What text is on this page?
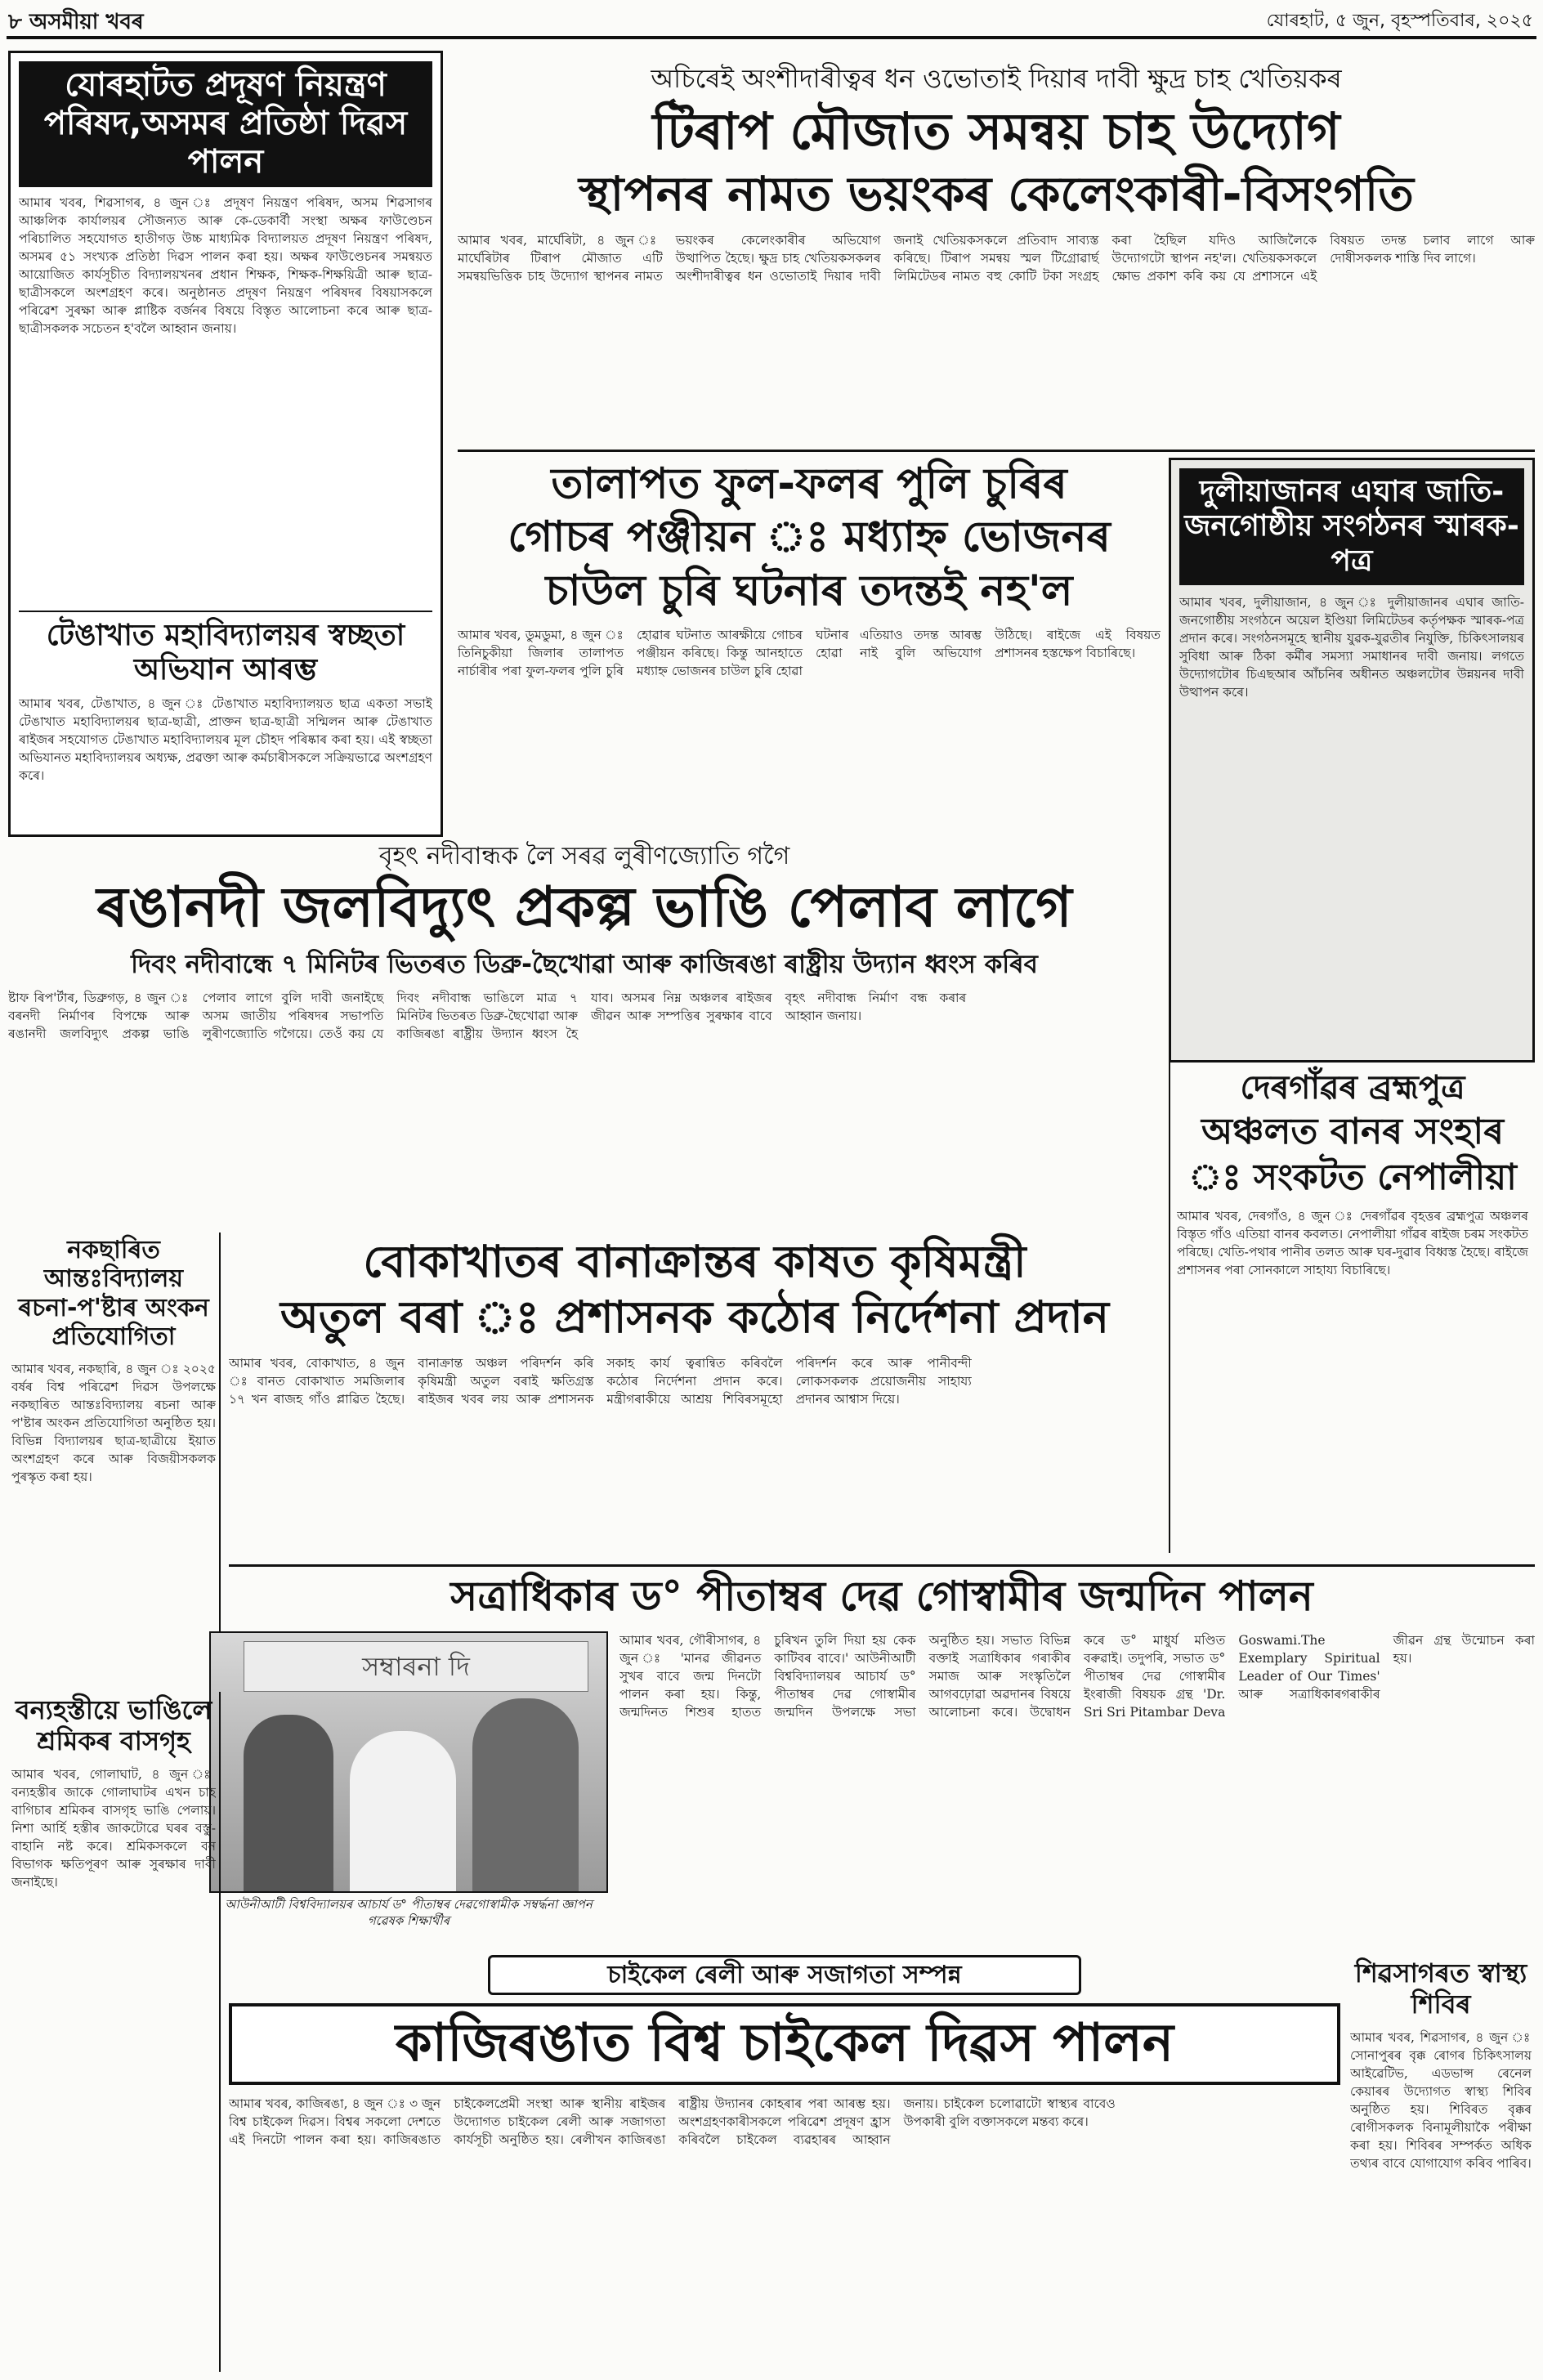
৮ অসমীয়া খবৰ	যোৰহাট, ৫ জুন, বৃহস্পতিবাৰ, ২০২৫
যোৰহাটত প্ৰদূষণ নিয়ন্ত্ৰণ পৰিষদ,অসমৰ প্ৰতিষ্ঠা দিৱস পালন
আমাৰ খবৰ, শিৱসাগৰ, ৪ জুন ঃ প্ৰদূষণ নিয়ন্ত্ৰণ পৰিষদ, অসম শিৱসাগৰ আঞ্চলিক কাৰ্যালয়ৰ সৌজন্যত আৰু কে-ডেকাৰ্বী সংস্থা অক্ষৰ ফাউণ্ডেচন পৰিচালিত সহযোগত হাতীগড় উচ্চ মাধ্যমিক বিদ্যালয়ত প্ৰদূষণ নিয়ন্ত্ৰণ পৰিষদ, অসমৰ ৫১ সংখ্যক প্ৰতিষ্ঠা দিৱস পালন কৰা হয়। অক্ষৰ ফাউণ্ডেচনৰ সমন্বয়ত আয়োজিত কাৰ্যসূচীত বিদ্যালয়খনৰ প্ৰধান শিক্ষক, শিক্ষক-শিক্ষয়িত্ৰী আৰু ছাত্ৰ-ছাত্ৰীসকলে অংশগ্ৰহণ কৰে। অনুষ্ঠানত প্ৰদূষণ নিয়ন্ত্ৰণ পৰিষদৰ বিষয়াসকলে পৰিৱেশ সুৰক্ষা আৰু প্লাষ্টিক বৰ্জনৰ বিষয়ে বিস্তৃত আলোচনা কৰে আৰু ছাত্ৰ-ছাত্ৰীসকলক সচেতন হ'বলৈ আহ্বান জনায়।
টেঙাখাত মহাবিদ্যালয়ৰ স্বচ্ছতা অভিযান আৰম্ভ
আমাৰ খবৰ, টেঙাখাত, ৪ জুন ঃ টেঙাখাত মহাবিদ্যালয়ত ছাত্ৰ একতা সভাই টেঙাখাত মহাবিদ্যালয়ৰ ছাত্ৰ-ছাত্ৰী, প্ৰাক্তন ছাত্ৰ-ছাত্ৰী সন্মিলন আৰু টেঙাখাত ৰাইজৰ সহযোগত টেঙাখাত মহাবিদ্যালয়ৰ মূল চৌহদ পৰিষ্কাৰ কৰা হয়। এই স্বচ্ছতা অভিযানত মহাবিদ্যালয়ৰ অধ্যক্ষ, প্ৰৱক্তা আৰু কৰ্মচাৰীসকলে সক্ৰিয়ভাৱে অংশগ্ৰহণ কৰে।
অচিৰেই অংশীদাৰীত্বৰ ধন ওভোতাই দিয়াৰ দাবী ক্ষুদ্ৰ চাহ খেতিয়কৰ
টিৰাপ মৌজাত সমন্বয় চাহ উদ্যোগ
স্থাপনৰ নামত ভয়ংকৰ কেলেংকাৰী-বিসংগতি
আমাৰ খবৰ, মাৰ্ঘেৰিটা, ৪ জুন ঃ মাৰ্ঘেৰিটাৰ টিৰাপ মৌজাত এটি সমন্বয়ভিত্তিক চাহ উদ্যোগ স্থাপনৰ নামত ভয়ংকৰ কেলেংকাৰীৰ অভিযোগ উত্থাপিত হৈছে। ক্ষুদ্ৰ চাহ খেতিয়কসকলৰ অংশীদাৰীত্বৰ ধন ওভোতাই দিয়াৰ দাবী জনাই খেতিয়কসকলে প্ৰতিবাদ সাব্যস্ত কৰিছে। টিৰাপ সমন্বয় স্মল টিগ্ৰোৱাৰ্ছ লিমিটেডৰ নামত বহু কোটি টকা সংগ্ৰহ কৰা হৈছিল যদিও আজিলৈকে উদ্যোগটো স্থাপন নহ'ল। খেতিয়কসকলে ক্ষোভ প্ৰকাশ কৰি কয় যে প্ৰশাসনে এই বিষয়ত তদন্ত চলাব লাগে আৰু দোষীসকলক শাস্তি দিব লাগে।
তালাপত ফুল-ফলৰ পুলি চুৰিৰ
গোচৰ পঞ্জীয়ন ঃ মধ্যাহ্ন ভোজনৰ
চাউল চুৰি ঘটনাৰ তদন্তই নহ'ল
আমাৰ খবৰ, ডুমডুমা, ৪ জুন ঃ তিনিচুকীয়া জিলাৰ তালাপত নাৰ্চাৰীৰ পৰা ফুল-ফলৰ পুলি চুৰি হোৱাৰ ঘটনাত আৰক্ষীয়ে গোচৰ পঞ্জীয়ন কৰিছে। কিন্তু আনহাতে মধ্যাহ্ন ভোজনৰ চাউল চুৰি হোৱা ঘটনাৰ এতিয়াও তদন্ত আৰম্ভ হোৱা নাই বুলি অভিযোগ উঠিছে। ৰাইজে এই বিষয়ত প্ৰশাসনৰ হস্তক্ষেপ বিচাৰিছে।
দুলীয়াজানৰ এঘাৰ জাতি-জনগোষ্ঠীয় সংগঠনৰ স্মাৰক-পত্ৰ
আমাৰ খবৰ, দুলীয়াজান, ৪ জুন ঃ দুলীয়াজানৰ এঘাৰ জাতি-জনগোষ্ঠীয় সংগঠনে অয়েল ইণ্ডিয়া লিমিটেডৰ কৰ্তৃপক্ষক স্মাৰক-পত্ৰ প্ৰদান কৰে। সংগঠনসমূহে স্থানীয় যুৱক-যুৱতীৰ নিযুক্তি, চিকিৎসালয়ৰ সুবিধা আৰু ঠিকা কৰ্মীৰ সমস্যা সমাধানৰ দাবী জনায়। লগতে উদ্যোগটোৰ চিএছআৰ আঁচনিৰ অধীনত অঞ্চলটোৰ উন্নয়নৰ দাবী উত্থাপন কৰে।
বৃহৎ নদীবান্ধক লৈ সৰৱ লুৰীণজ্যোতি গগৈ
ৰঙানদী জলবিদ্যুৎ প্ৰকল্প ভাঙি পেলাব লাগে
দিবং নদীবান্ধে ৭ মিনিটৰ ভিতৰত ডিব্ৰু-ছৈখোৱা আৰু কাজিৰঙা ৰাষ্ট্ৰীয় উদ্যান ধ্বংস কৰিব
ষ্টাফ ৰিপ'ৰ্টাৰ, ডিব্ৰুগড়, ৪ জুন ঃ বৰনদী নিৰ্মাণৰ বিপক্ষে আৰু ৰঙানদী জলবিদ্যুৎ প্ৰকল্প ভাঙি পেলাব লাগে বুলি দাবী জনাইছে অসম জাতীয় পৰিষদৰ সভাপতি লুৰীণজ্যোতি গগৈয়ে। তেওঁ কয় যে দিবং নদীবান্ধ ভাঙিলে মাত্ৰ ৭ মিনিটৰ ভিতৰত ডিব্ৰু-ছৈখোৱা আৰু কাজিৰঙা ৰাষ্ট্ৰীয় উদ্যান ধ্বংস হৈ যাব। অসমৰ নিম্ন অঞ্চলৰ ৰাইজৰ জীৱন আৰু সম্পত্তিৰ সুৰক্ষাৰ বাবে বৃহৎ নদীবান্ধ নিৰ্মাণ বন্ধ কৰাৰ আহ্বান জনায়।
দেৰগাঁৱৰ ব্ৰহ্মপুত্ৰ
অঞ্চলত বানৰ সংহাৰ
ঃ সংকটত নেপালীয়া
আমাৰ খবৰ, দেৰগাঁও, ৪ জুন ঃ দেৰগাঁৱৰ বৃহত্তৰ ব্ৰহ্মপুত্ৰ অঞ্চলৰ বিস্তৃত গাঁও এতিয়া বানৰ কবলত। নেপালীয়া গাঁৱৰ ৰাইজ চৰম সংকটত পৰিছে। খেতি-পথাৰ পানীৰ তলত আৰু ঘৰ-দুৱাৰ বিধ্বস্ত হৈছে। ৰাইজে প্ৰশাসনৰ পৰা সোনকালে সাহায্য বিচাৰিছে।
নকছাৰিত আন্তঃবিদ্যালয় ৰচনা-প'ষ্টাৰ অংকন প্ৰতিযোগিতা
আমাৰ খবৰ, নকছাৰি, ৪ জুন ঃ ২০২৫ বৰ্ষৰ বিশ্ব পৰিৱেশ দিৱস উপলক্ষে নকছাৰিত আন্তঃবিদ্যালয় ৰচনা আৰু প'ষ্টাৰ অংকন প্ৰতিযোগিতা অনুষ্ঠিত হয়। বিভিন্ন বিদ্যালয়ৰ ছাত্ৰ-ছাত্ৰীয়ে ইয়াত অংশগ্ৰহণ কৰে আৰু বিজয়ীসকলক পুৰস্কৃত কৰা হয়।
বোকাখাতৰ বানাক্ৰান্তৰ কাষত কৃষিমন্ত্ৰী
অতুল বৰা ঃ প্ৰশাসনক কঠোৰ নিৰ্দেশনা প্ৰদান
আমাৰ খবৰ, বোকাখাত, ৪ জুন ঃ বানত বোকাখাত সমজিলাৰ ১৭ খন ৰাজহ গাঁও প্লাৱিত হৈছে। বানাক্ৰান্ত অঞ্চল পৰিদৰ্শন কৰি কৃষিমন্ত্ৰী অতুল বৰাই ক্ষতিগ্ৰস্ত ৰাইজৰ খবৰ লয় আৰু প্ৰশাসনক সকাহ কাৰ্য ত্বৰান্বিত কৰিবলৈ কঠোৰ নিৰ্দেশনা প্ৰদান কৰে। মন্ত্ৰীগৰাকীয়ে আশ্ৰয় শিবিৰসমূহো পৰিদৰ্শন কৰে আৰু পানীবন্দী লোকসকলক প্ৰয়োজনীয় সাহায্য প্ৰদানৰ আশ্বাস দিয়ে।
সত্ৰাধিকাৰ ড° পীতাম্বৰ দেৱ গোস্বামীৰ জন্মদিন পালন
সম্বাৰনা দি
আউনীআটী বিশ্ববিদ্যালয়ৰ আচাৰ্য ড° পীতাম্বৰ দেৱগোস্বামীক সম্বৰ্দ্ধনা জ্ঞাপন গৱেষক শিক্ষাৰ্থীৰ
আমাৰ খবৰ, গৌৰীসাগৰ, ৪ জুন ঃ 'মানৱ জীৱনত সুখৰ বাবে জন্ম দিনটো পালন কৰা হয়। কিন্তু, জন্মদিনত শিশুৰ হাতত চুৰিখন তুলি দিয়া হয় কেক কাটিবৰ বাবে।' আউনীআটী বিশ্ববিদ্যালয়ৰ আচাৰ্য ড° পীতাম্বৰ দেৱ গোস্বামীৰ জন্মদিন উপলক্ষে সভা অনুষ্ঠিত হয়। সভাত বিভিন্ন বক্তাই সত্ৰাধিকাৰ গৰাকীৰ সমাজ আৰু সংস্কৃতিলৈ আগবঢ়োৱা অৱদানৰ বিষয়ে আলোচনা কৰে। উদ্বোধন কৰে ড° মাধুৰ্য মণ্ডিত বৰুৱাই। তদুপৰি, সভাত ড° পীতাম্বৰ দেৱ গোস্বামীৰ ইংৰাজী বিষয়ক গ্ৰন্থ 'Dr. Sri Sri Pitambar Deva Goswami.The Exemplary Spiritual Leader of Our Times' আৰু সত্ৰাধিকাৰগৰাকীৰ জীৱন গ্ৰন্থ উন্মোচন কৰা হয়।
বন্যহস্তীয়ে ভাঙিলে শ্ৰমিকৰ বাসগৃহ
আমাৰ খবৰ, গোলাঘাট, ৪ জুন ঃ বন্যহস্তীৰ জাকে গোলাঘাটৰ এখন চাহ বাগিচাৰ শ্ৰমিকৰ বাসগৃহ ভাঙি পেলায়। নিশা আৰ্হি হস্তীৰ জাকটোৱে ঘৰৰ বস্তু-বাহানি নষ্ট কৰে। শ্ৰমিকসকলে বন বিভাগক ক্ষতিপূৰণ আৰু সুৰক্ষাৰ দাবী জনাইছে।
চাইকেল ৰেলী আৰু সজাগতা সম্পন্ন
কাজিৰঙাত বিশ্ব চাইকেল দিৱস পালন
আমাৰ খবৰ, কাজিৰঙা, ৪ জুন ঃ ৩ জুন বিশ্ব চাইকেল দিৱস। বিশ্বৰ সকলো দেশতে এই দিনটো পালন কৰা হয়। কাজিৰঙাত চাইকেলপ্ৰেমী সংস্থা আৰু স্থানীয় ৰাইজৰ উদ্যোগত চাইকেল ৰেলী আৰু সজাগতা কাৰ্যসূচী অনুষ্ঠিত হয়। ৰেলীখন কাজিৰঙা ৰাষ্ট্ৰীয় উদ্যানৰ কোহৰাৰ পৰা আৰম্ভ হয়। অংশগ্ৰহণকাৰীসকলে পৰিৱেশ প্ৰদূষণ হ্ৰাস কৰিবলৈ চাইকেল ব্যৱহাৰৰ আহ্বান জনায়। চাইকেল চলোৱাটো স্বাস্থ্যৰ বাবেও উপকাৰী বুলি বক্তাসকলে মন্তব্য কৰে।
শিৱসাগৰত স্বাস্থ্য শিবিৰ
আমাৰ খবৰ, শিৱসাগৰ, ৪ জুন ঃ সোনাপুৰৰ বৃক্ক ৰোগৰ চিকিৎসালয় আইৱেটিভ, এডভান্স ৰেনেল কেয়াৰৰ উদ্যোগত স্বাস্থ্য শিবিৰ অনুষ্ঠিত হয়। শিবিৰত বৃক্কৰ ৰোগীসকলক বিনামূলীয়াকৈ পৰীক্ষা কৰা হয়। শিবিৰৰ সম্পৰ্কত অধিক তথ্যৰ বাবে যোগাযোগ কৰিব পাৰিব।
